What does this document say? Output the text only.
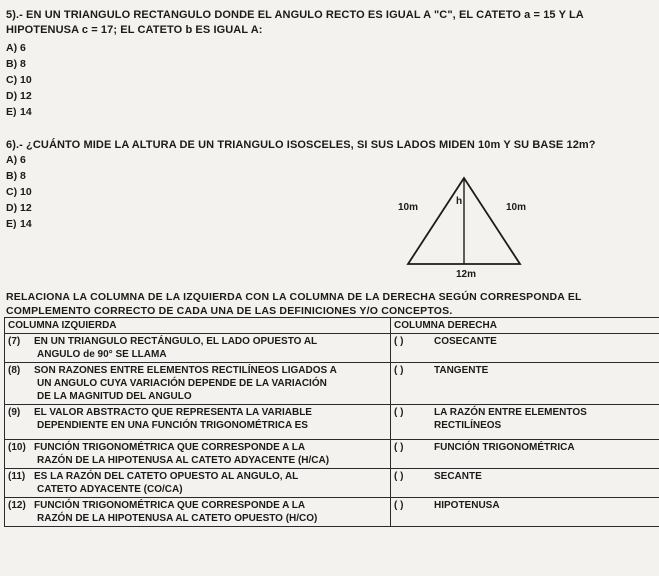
5).- EN UN TRIANGULO RECTANGULO DONDE EL ANGULO RECTO ES IGUAL A "C", EL CATETO a = 15 Y LA
HIPOTENUSA c = 17; EL CATETO b ES IGUAL A:
A) 6
B) 8
C) 10
D) 12
E) 14
6).- ¿CUÁNTO MIDE LA ALTURA DE UN TRIANGULO ISOSCELES, SI SUS LADOS MIDEN 10m Y SU BASE 12m?
A) 6
B) 8
C) 10
D) 12
E) 14
h
10m	10m
12m
RELACIONA LA COLUMNA DE LA IZQUIERDA CON LA COLUMNA DE LA DERECHA SEGÚN CORRESPONDA EL
COMPLEMENTO CORRECTO DE CADA UNA DE LAS DEFINICIONES Y/O CONCEPTOS.
COLUMNA IZQUIERDA	COLUMNA DERECHA
(7) EN UN TRIANGULO RECTÁNGULO, EL LADO OPUESTO AL
ANGULO de 90° SE LLAMA	( ) COSECANTE
(8) SON RAZONES ENTRE ELEMENTOS RECTILÍNEOS LIGADOS A
UN ANGULO CUYA VARIACIÓN DEPENDE DE LA VARIACIÓN
DE LA MAGNITUD DEL ANGULO	( ) TANGENTE
(9) EL VALOR ABSTRACTO QUE REPRESENTA LA VARIABLE
DEPENDIENTE EN UNA FUNCIÓN TRIGONOMÉTRICA ES	( ) LA RAZÓN ENTRE ELEMENTOS
RECTILÍNEOS

(10) FUNCIÓN TRIGONOMÉTRICA QUE CORRESPONDE A LA
RAZÓN DE LA HIPOTENUSA AL CATETO ADYACENTE (H/CA)	( ) FUNCIÓN TRIGONOMÉTRICA
(11) ES LA RAZÓN DEL CATETO OPUESTO AL ANGULO, AL
CATETO ADYACENTE (CO/CA)	( ) SECANTE
(12) FUNCIÓN TRIGONOMÉTRICA QUE CORRESPONDE A LA
RAZÓN DE LA HIPOTENUSA AL CATETO OPUESTO (H/CO)	( ) HIPOTENUSA
